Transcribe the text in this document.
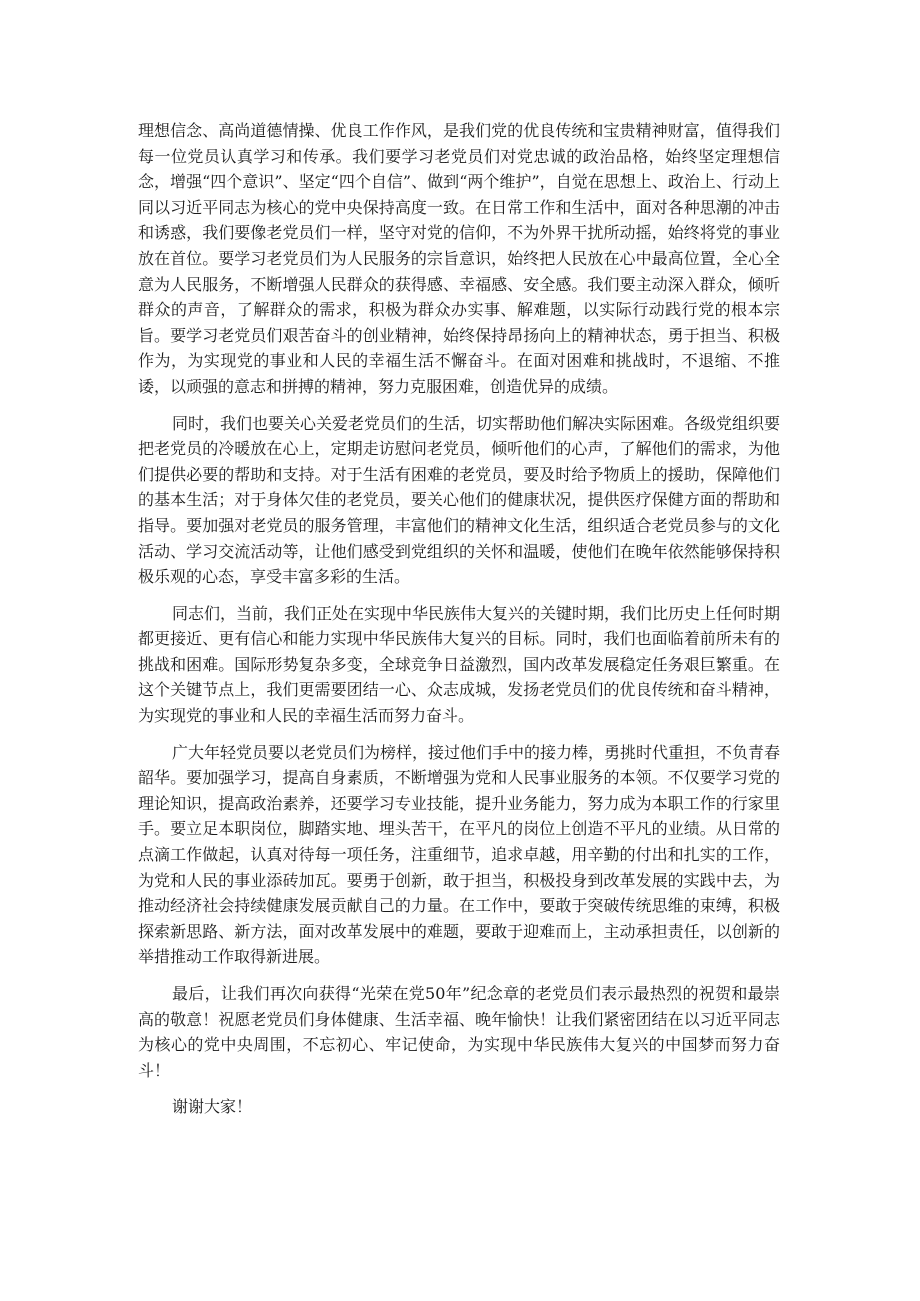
理想信念、高尚道德情操、优良工作作风，是我们党的优良传统和宝贵精神财富，值得我们每一位党员认真学习和传承。我们要学习老党员们对党忠诚的政治品格，始终坚定理想信念，增强“四个意识”、坚定“四个自信”、做到“两个维护”，自觉在思想上、政治上、行动上同以习近平同志为核心的党中央保持高度一致。在日常工作和生活中，面对各种思潮的冲击和诱惑，我们要像老党员们一样，坚守对党的信仰，不为外界干扰所动摇，始终将党的事业放在首位。要学习老党员们为人民服务的宗旨意识，始终把人民放在心中最高位置，全心全意为人民服务，不断增强人民群众的获得感、幸福感、安全感。我们要主动深入群众，倾听群众的声音，了解群众的需求，积极为群众办实事、解难题，以实际行动践行党的根本宗旨。要学习老党员们艰苦奋斗的创业精神，始终保持昂扬向上的精神状态，勇于担当、积极作为，为实现党的事业和人民的幸福生活不懈奋斗。在面对困难和挑战时，不退缩、不推诿，以顽强的意志和拼搏的精神，努力克服困难，创造优异的成绩。

同时，我们也要关心关爱老党员们的生活，切实帮助他们解决实际困难。各级党组织要把老党员的冷暖放在心上，定期走访慰问老党员，倾听他们的心声，了解他们的需求，为他们提供必要的帮助和支持。对于生活有困难的老党员，要及时给予物质上的援助，保障他们的基本生活；对于身体欠佳的老党员，要关心他们的健康状况，提供医疗保健方面的帮助和指导。要加强对老党员的服务管理，丰富他们的精神文化生活，组织适合老党员参与的文化活动、学习交流活动等，让他们感受到党组织的关怀和温暖，使他们在晚年依然能够保持积极乐观的心态，享受丰富多彩的生活。

同志们，当前，我们正处在实现中华民族伟大复兴的关键时期，我们比历史上任何时期都更接近、更有信心和能力实现中华民族伟大复兴的目标。同时，我们也面临着前所未有的挑战和困难。国际形势复杂多变，全球竞争日益激烈，国内改革发展稳定任务艰巨繁重。在这个关键节点上，我们更需要团结一心、众志成城，发扬老党员们的优良传统和奋斗精神，为实现党的事业和人民的幸福生活而努力奋斗。

广大年轻党员要以老党员们为榜样，接过他们手中的接力棒，勇挑时代重担，不负青春韶华。要加强学习，提高自身素质，不断增强为党和人民事业服务的本领。不仅要学习党的理论知识，提高政治素养，还要学习专业技能，提升业务能力，努力成为本职工作的行家里手。要立足本职岗位，脚踏实地、埋头苦干，在平凡的岗位上创造不平凡的业绩。从日常的点滴工作做起，认真对待每一项任务，注重细节，追求卓越，用辛勤的付出和扎实的工作，为党和人民的事业添砖加瓦。要勇于创新，敢于担当，积极投身到改革发展的实践中去，为推动经济社会持续健康发展贡献自己的力量。在工作中，要敢于突破传统思维的束缚，积极探索新思路、新方法，面对改革发展中的难题，要敢于迎难而上，主动承担责任，以创新的举措推动工作取得新进展。

最后，让我们再次向获得“光荣在党50年”纪念章的老党员们表示最热烈的祝贺和最崇高的敬意！祝愿老党员们身体健康、生活幸福、晚年愉快！让我们紧密团结在以习近平同志为核心的党中央周围，不忘初心、牢记使命，为实现中华民族伟大复兴的中国梦而努力奋斗！

谢谢大家！
